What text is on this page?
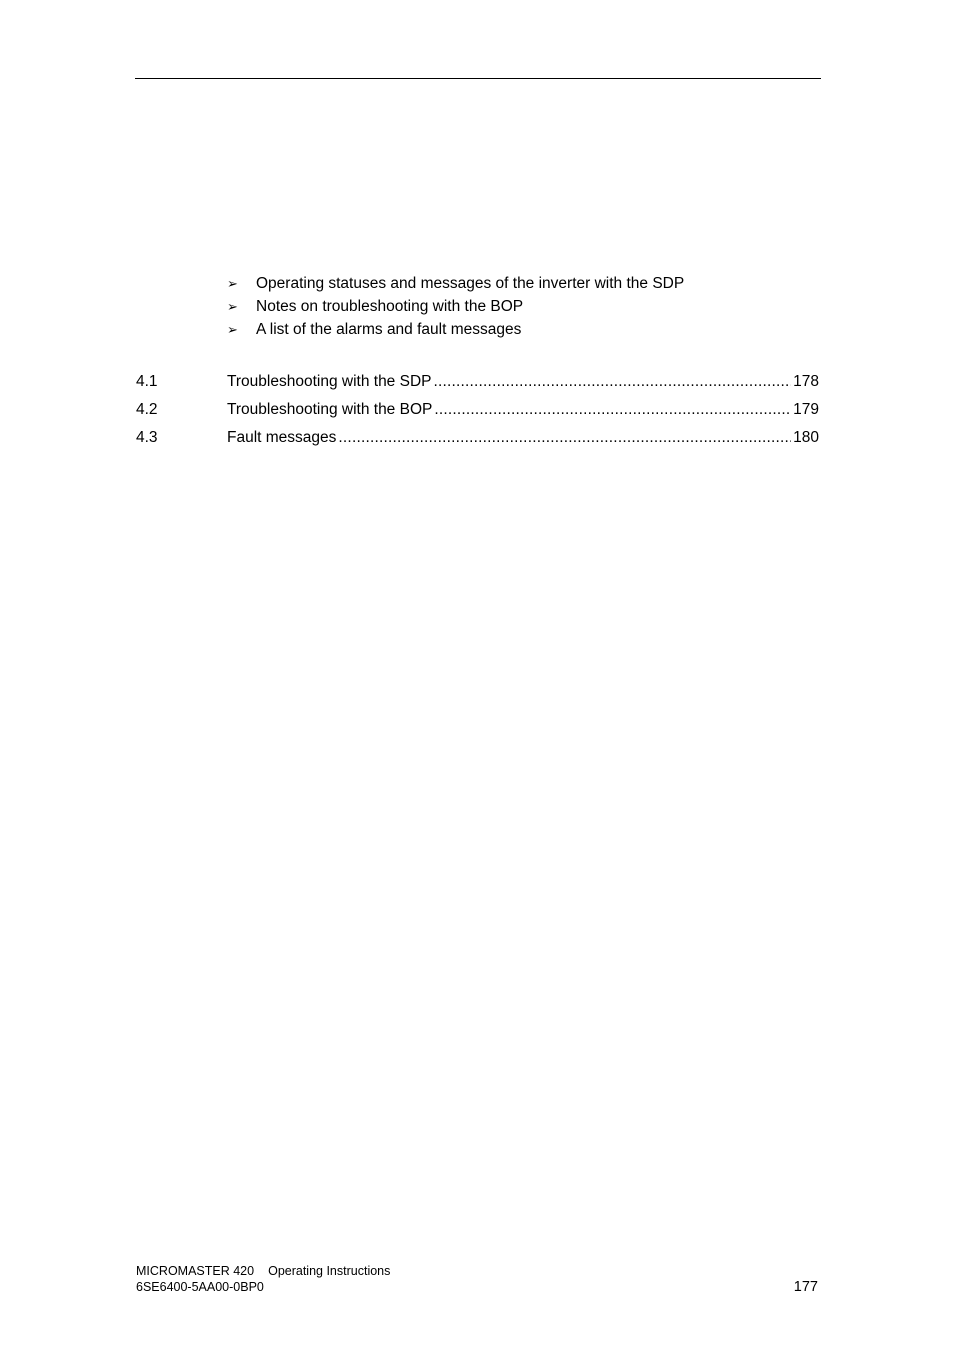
➢	Operating statuses and messages of the inverter with the SDP
➢	Notes on troubleshooting with the BOP
➢	A list of the alarms and fault messages
4.1	Troubleshooting with the SDP .....	178
4.2	Troubleshooting with the BOP .....	179
4.3	Fault messages .....	180
MICROMASTER 420 Operating Instructions
6SE6400-5AA00-0BP0	177
